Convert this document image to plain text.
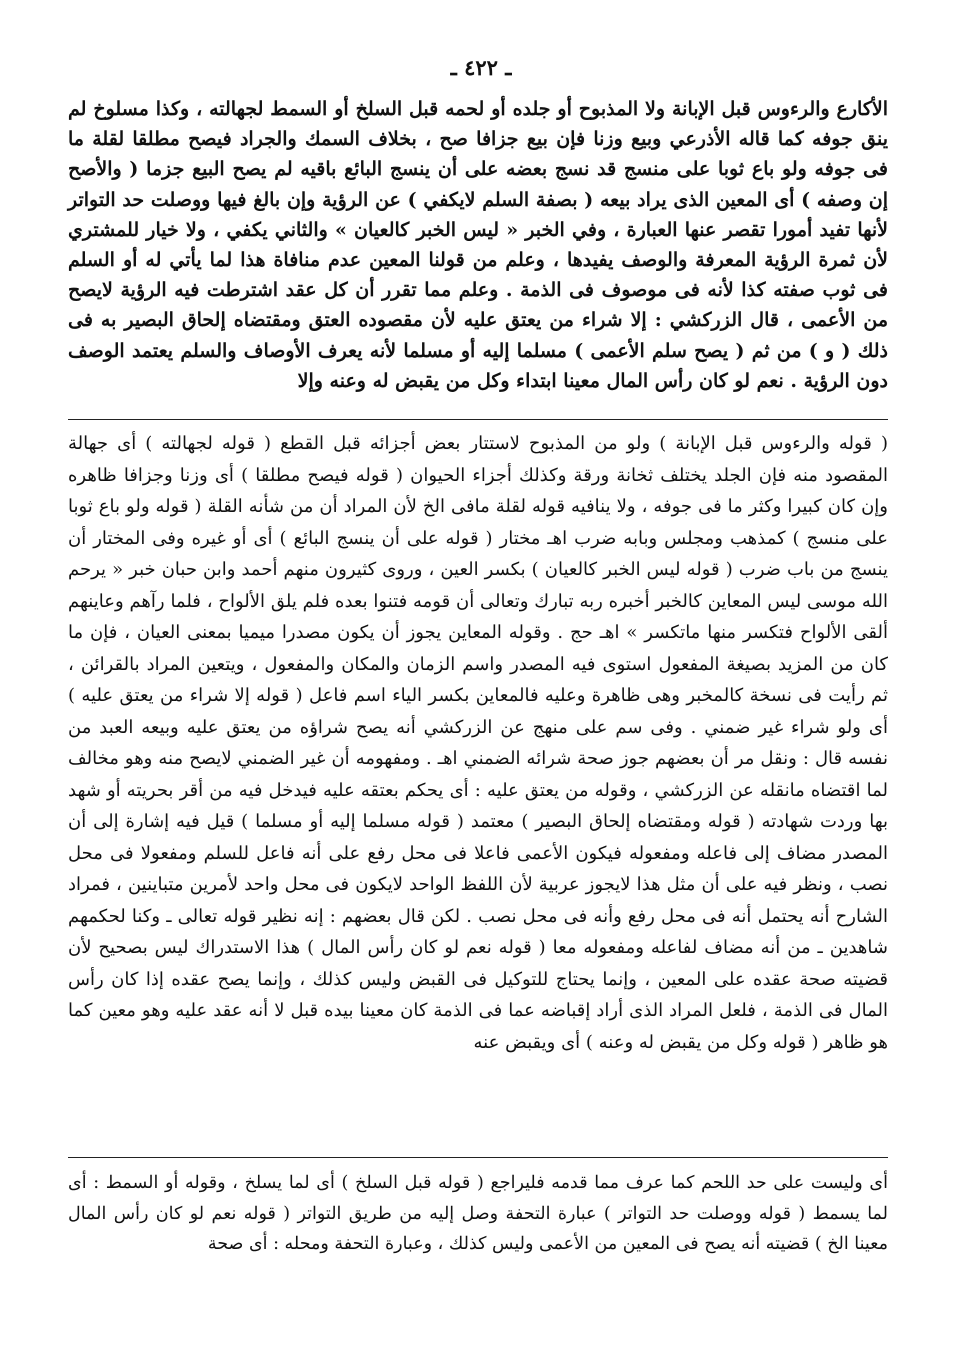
ـ ٤٢٢ ـ

الأكارع والرءوس قبل الإبانة ولا المذبوح أو جلده أو لحمه قبل السلخ أو السمط لجهالته ، وكذا مسلوخ لم ينق جوفه كما قاله الأذرعي وبيع وزنا فإن بيع جزافا صح ، بخلاف السمك والجراد فيصح مطلقا لقلة ما فى جوفه ولو باع ثوبا على منسج قد نسج بعضه على أن ينسج البائع باقيه لم يصح البيع جزما ( والأصح إن وصفه ) أى المعين الذى يراد بيعه ( بصفة السلم لايكفي ) عن الرؤية وإن بالغ فيها ووصلت حد التواتر لأنها تفيد أمورا تقصر عنها العبارة ، وفي الخبر « ليس الخبر كالعيان » والثاني يكفي ، ولا خيار للمشتري لأن ثمرة الرؤية المعرفة والوصف يفيدها ، وعلم من قولنا المعين عدم منافاة هذا لما يأتي له أو السلم فى ثوب صفته كذا لأنه فى موصوف فى الذمة . وعلم مما تقرر أن كل عقد اشترطت فيه الرؤية لايصح من الأعمى ، قال الزركشي : إلا شراء من يعتق عليه لأن مقصوده العتق ومقتضاه إلحاق البصير به فى ذلك ( و ) من ثم ( يصح سلم الأعمى ) مسلما إليه أو مسلما لأنه يعرف الأوصاف والسلم يعتمد الوصف دون الرؤية . نعم لو كان رأس المال معينا ابتداء وكل من يقبض له وعنه وإلا

( قوله والرءوس قبل الإبانة ) ولو من المذبوح لاستتار بعض أجزائه قبل القطع ( قوله لجهالته ) أى جهالة المقصود منه فإن الجلد يختلف ثخانة ورقة وكذلك أجزاء الحيوان ( قوله فيصح مطلقا ) أى وزنا وجزافا ظاهره وإن كان كبيرا وكثر ما فى جوفه ، ولا ينافيه قوله لقلة مافى الخ لأن المراد أن من شأنه القلة ( قوله ولو باع ثوبا على منسج ) كمذهب ومجلس وبابه ضرب اهـ مختار ( قوله على أن ينسج البائع ) أى أو غيره وفى المختار أن ينسج من باب ضرب ( قوله ليس الخبر كالعيان ) بكسر العين ، وروى كثيرون منهم أحمد وابن حبان خبر « يرحم الله موسى ليس المعاين كالخبر أخبره ربه تبارك وتعالى أن قومه فتنوا بعده فلم يلق الألواح ، فلما رآهم وعاينهم ألقى الألواح فتكسر منها ماتكسر » اهـ حج . وقوله المعاين يجوز أن يكون مصدرا ميميا بمعنى العيان ، فإن ما كان من المزيد بصيغة المفعول استوى فيه المصدر واسم الزمان والمكان والمفعول ، ويتعين المراد بالقرائن ، ثم رأيت فى نسخة كالمخبر وهى ظاهرة وعليه فالمعاين بكسر الياء اسم فاعل ( قوله إلا شراء من يعتق عليه ) أى ولو شراء غير ضمني . وفى سم على منهج عن الزركشي أنه يصح شراؤه من يعتق عليه وبيعه العبد من نفسه قال : ونقل مر أن بعضهم جوز صحة شرائه الضمني اهـ . ومفهومه أن غير الضمني لايصح منه وهو مخالف لما اقتضاه مانقله عن الزركشي ، وقوله من يعتق عليه : أى يحكم بعتقه عليه فيدخل فيه من أقر بحريته أو شهد بها وردت شهادته ( قوله ومقتضاه إلحاق البصير ) معتمد ( قوله مسلما إليه أو مسلما ) قيل فيه إشارة إلى أن المصدر مضاف إلى فاعله ومفعوله فيكون الأعمى فاعلا فى محل رفع على أنه فاعل للسلم ومفعولا فى محل نصب ، ونظر فيه على أن مثل هذا لايجوز عربية لأن اللفظ الواحد لايكون فى محل واحد لأمرين متباينين ، فمراد الشارح أنه يحتمل أنه فى محل رفع وأنه فى محل نصب . لكن قال بعضهم : إنه نظير قوله تعالى ـ وكنا لحكمهم شاهدين ـ من أنه مضاف لفاعله ومفعوله معا ( قوله نعم لو كان رأس المال ) هذا الاستدراك ليس بصحيح لأن قضيته صحة عقده على المعين ، وإنما يحتاج للتوكيل فى القبض وليس كذلك ، وإنما يصح عقده إذا كان رأس المال فى الذمة ، فلعل المراد الذى أراد إقباضه عما فى الذمة كان معينا بيده قبل لا أنه عقد عليه وهو معين كما هو ظاهر ( قوله وكل من يقبض له وعنه ) أى ويقبض عنه

أى وليست على حد اللحم كما عرف مما قدمه فليراجع ( قوله قبل السلخ ) أى لما يسلخ ، وقوله أو السمط : أى لما يسمط ( قوله ووصلت حد التواتر ) عبارة التحفة وصل إليه من طريق التواتر ( قوله نعم لو كان رأس المال معينا الخ ) قضيته أنه يصح فى المعين من الأعمى وليس كذلك ، وعبارة التحفة ومحله : أى صحة
